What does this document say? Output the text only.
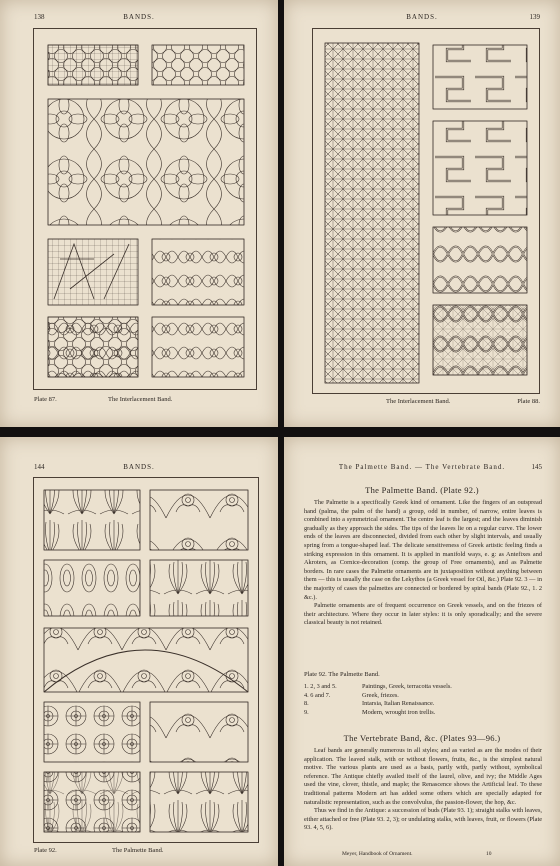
138	BANDS.
Plate 87.	The Interlacement Band.
BANDS.	139
The Interlacement Band.	Plate 88.
144	BANDS.
Plate 92.	The Palmette Band.
The Palmette Band. — The Vertebrate Band.	145
The Palmette Band. (Plate 92.)

The Palmette is a specifically Greek kind of ornament. Like the fingers of an outspread hand (palma, the palm of the hand) a group, odd in number, of narrow, entire leaves is combined into a symmetrical ornament. The centre leaf is the largest; and the leaves diminish gradually as they approach the sides. The tips of the leaves lie on a regular curve. The lower ends of the leaves are disconnected, divided from each other by slight intervals, and usually spring from a tongue-shaped leaf. The delicate sensitiveness of Greek artistic feeling finds a striking expression in this ornament. It is applied in manifold ways, e. g: as Antefixes and Akroters, as Cornice-decoration (comp. the group of Free ornaments), and as Palmette borders. In rare cases the Palmette ornaments are in juxtaposition without anything between them — this is usually the case on the Lekythos (a Greek vessel for Oil, &c.) Plate 92. 3 — in the majority of cases the palmettes are connected or bordered by spiral bands (Plate 92., 1. 2 &c.).

Palmette ornaments are of frequent occurrence on Greek vessels, and on the friezes of their architecture. Where they occur in later styles: it is only sporadically; and the severe classical beauty is not retained.

Plate 92. The Palmette Band.
1. 2, 3 and 5.	Paintings, Greek, terracotta vessels.
4. 6 and 7.	Greek, friezes.
8.	Intarsia, Italian Renaissance.
9.	Modern, wrought iron trellis.
The Vertebrate Band, &c. (Plates 93—96.)

Leaf bands are generally numerous in all styles; and as varied as are the modes of their application. The leaved stalk, with or without flowers, fruits, &c., is the simplest natural motive. The various plants are used as a basis, partly with, partly without, symbolical reference. The Antique chiefly availed itself of the laurel, olive, and ivy; the Middle Ages used the vine, clover, thistle, and maple; the Renascence shows the Artificial leaf. To these traditional patterns Modern art has added some others which are specially adapted for naturalistic representation, such as the convolvulus, the passion-flower, the hop, &c.

Thus we find in the Antique: a succession of buds (Plate 93. 1); straight stalks with leaves, either attached or free (Plate 93. 2, 3); or undulating stalks, with leaves, fruit, or flowers (Plate 93. 4, 5, 6).

Meyer, Handbook of Ornament.	10
